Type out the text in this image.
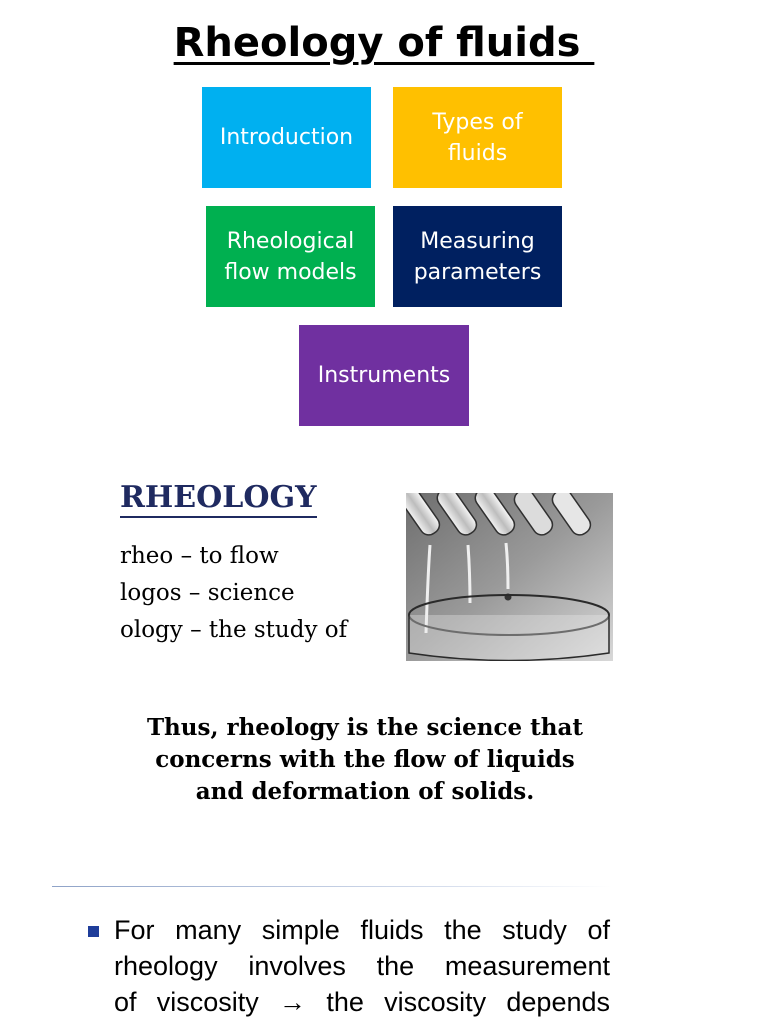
Rheology of fluids
Introduction
Types of fluids
Rheological flow models
Measuring parameters
Instruments
RHEOLOGY
rheo – to flow
logos – science
ology – the study of
Thus, rheology is the science that
concerns with the flow of liquids
and deformation of solids.
For many simple fluids the study of
rheology involves the measurement
of viscosity → the viscosity depends
